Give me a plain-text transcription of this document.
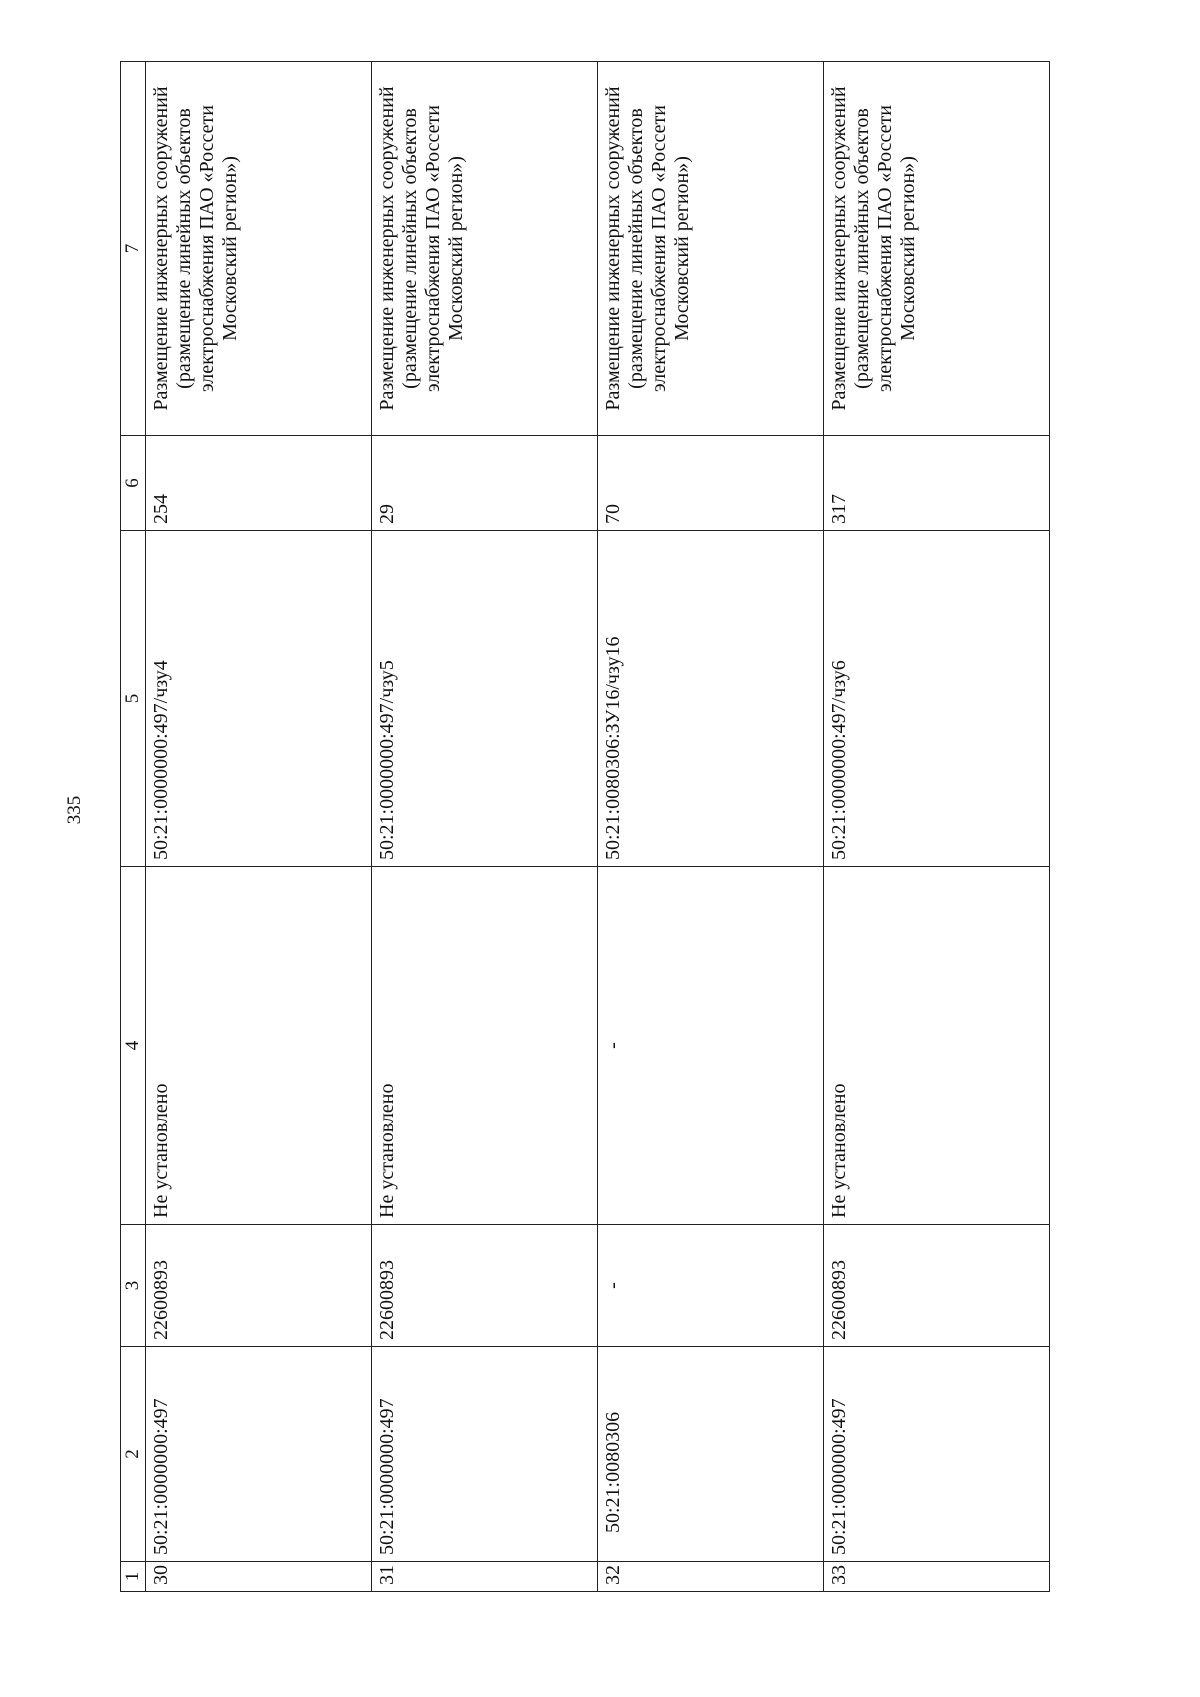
335
1	2	3	4	5	6	7
30	50:21:0000000:497	22600893	Не установлено	50:21:0000000:497/чзу4	254	Размещение инженерных сооружений (размещение линейных объектов электроснабжения ПАО «Россети Московский регион»)

31	50:21:0000000:497	22600893	Не установлено	50:21:0000000:497/чзу5	29	Размещение инженерных сооружений (размещение линейных объектов электроснабжения ПАО «Россети Московский регион»)

32	50:21:0080306	-	-	50:21:0080306:ЗУ16/чзу16	70	Размещение инженерных сооружений (размещение линейных объектов электроснабжения ПАО «Россети Московский регион»)

33	50:21:0000000:497	22600893	Не установлено	50:21:0000000:497/чзу6	317	Размещение инженерных сооружений (размещение линейных объектов электроснабжения ПАО «Россети Московский регион»)
